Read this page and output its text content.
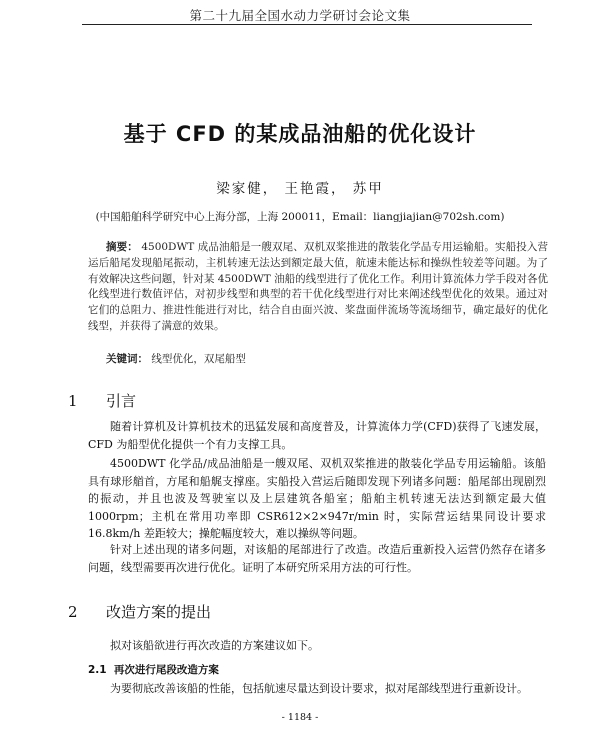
第二十九届全国水动力学研讨会论文集
基于 CFD 的某成品油船的优化设计
梁家健， 王艳霞， 苏甲
(中国船舶科学研究中心上海分部，上海 200011，Email：liangjiajian@702sh.com)
摘要： 4500DWT 成品油船是一艘双尾、双机双桨推进的散装化学品专用运输船。实船投入营运后船尾发现船尾振动，主机转速无法达到额定最大值，航速未能达标和操纵性较差等问题。为了有效解决这些问题，针对某 4500DWT 油船的线型进行了优化工作。利用计算流体力学手段对各优化线型进行数值评估，对初步线型和典型的若干优化线型进行对比来阐述线型优化的效果。通过对它们的总阻力、推进性能进行对比，结合自由面兴波、桨盘面伴流场等流场细节，确定最好的优化线型，并获得了满意的效果。
关键词： 线型优化，双尾船型
1 引言
随着计算机及计算机技术的迅猛发展和高度普及，计算流体力学(CFD)获得了飞速发展，CFD 为船型优化提供一个有力支撑工具。
4500DWT 化学品/成品油船是一艘双尾、双机双桨推进的散装化学品专用运输船。该船具有球形艏首，方尾和船艉支撑座。实船投入营运后随即发现下列诸多问题：船尾部出现剧烈的振动，并且也波及驾驶室以及上层建筑各船室；船舶主机转速无法达到额定最大值 1000rpm；主机在常用功率即 CSR612×2×947r/min 时，实际营运结果同设计要求 16.8km/h 差距较大；操舵幅度较大，难以操纵等问题。
针对上述出现的诸多问题，对该船的尾部进行了改造。改造后重新投入运营仍然存在诸多问题，线型需要再次进行优化。证明了本研究所采用方法的可行性。
2 改造方案的提出
拟对该船欲进行再次改造的方案建议如下。
2.1 再次进行尾段改造方案
为要彻底改善该船的性能，包括航速尽量达到设计要求，拟对尾部线型进行重新设计。
- 1184 -
